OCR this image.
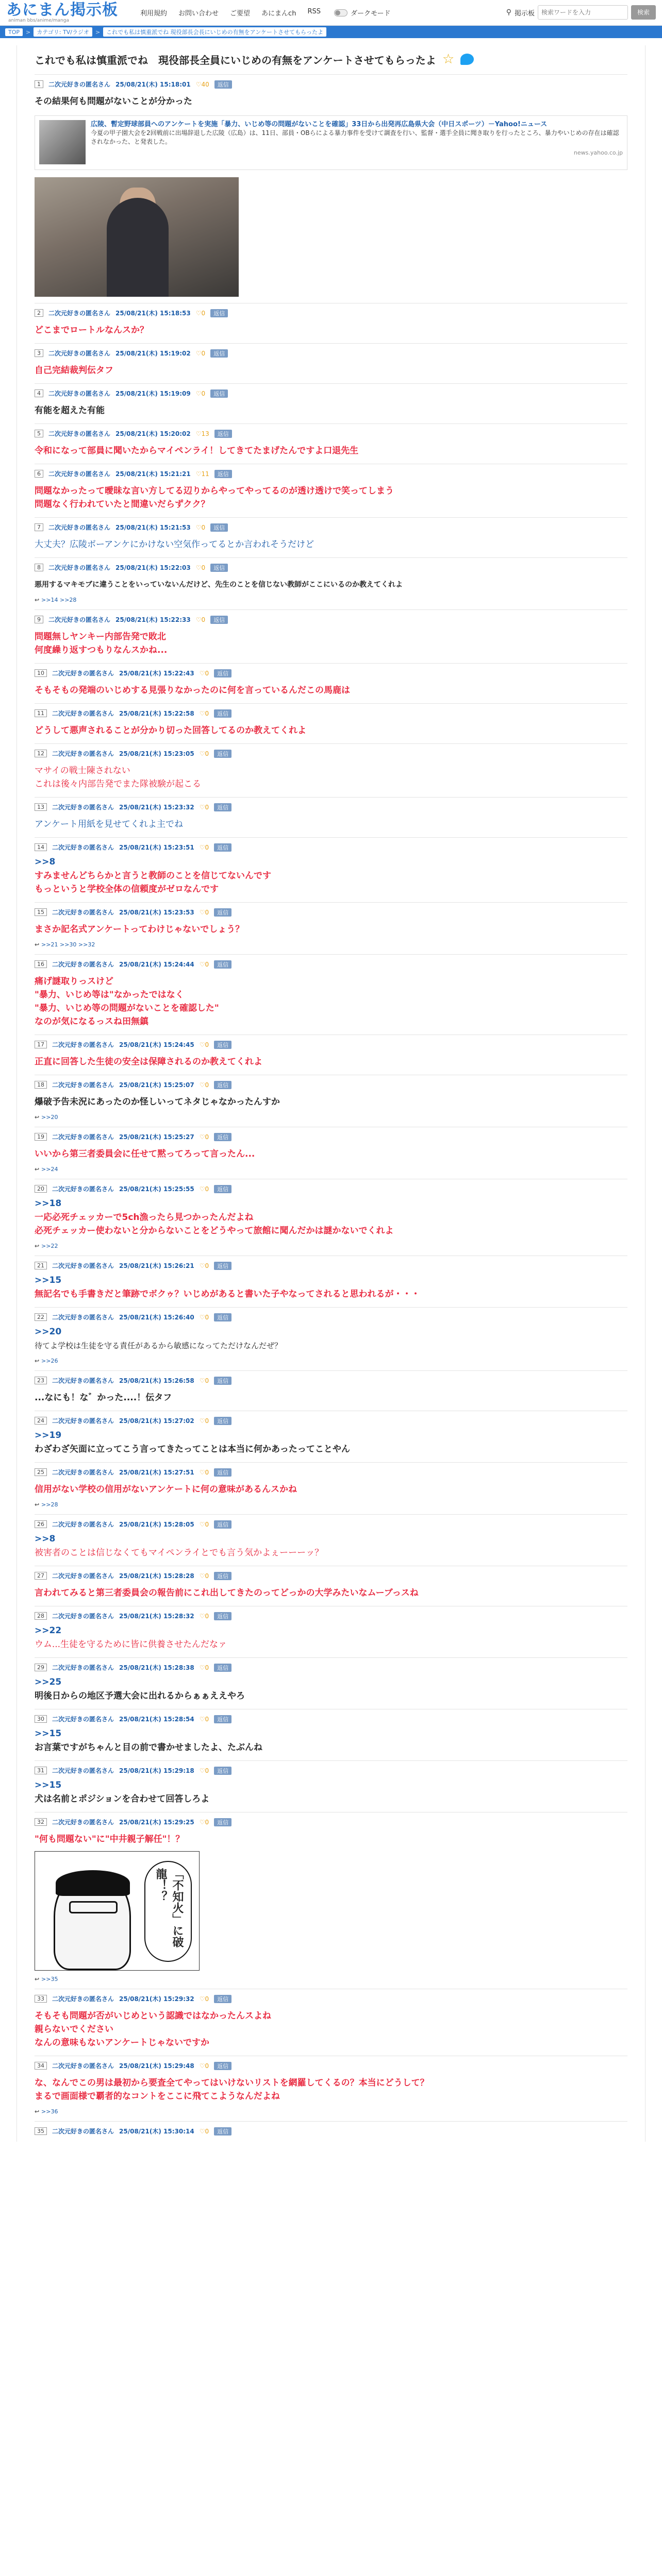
あにまん掲示板
animan bbs/anime/manga
利用規約 お問い合わせ ご要望 あにまんch RSS	ダークモード	⚲ 掲示板
検索ワードを入力	検索
TOP	>	カテゴリ: TV/ラジオ	>	これでも私は慎重派でね 現役部長会長にいじめの有無をアンケートさせてもらったよ
これでも私は慎重派でね　現役部長全員にいじめの有無をアンケートさせてもらったよ ☆
1	二次元好きの匿名さん 25/08/21(木) 15:18:01	♡ 40	返信
その結果何も問題がないことが分かった
広陵、暫定野球部員へのアンケートを実施「暴力、いじめ等の問題がないことを確認」33日から出発再広島県大会（中日スポーツ）－Yahoo!ニュース
今夏の甲子園大会を2回戦前に出場辞退した広陵（広島）は、11日、部員・OBらによる暴力事件を受けて調査を行い、監督・選手全員に聞き取りを行ったところ、暴力やいじめの存在は確認されなかった、と発表した。
news.yahoo.co.jp
2	二次元好きの匿名さん 25/08/21(木) 15:18:53	♡ 0	返信
どこまでロートルなんスか？
3	二次元好きの匿名さん 25/08/21(木) 15:19:02	♡ 0	返信
自己完結裁判伝タフ
4	二次元好きの匿名さん 25/08/21(木) 15:19:09	♡ 0	返信
有能を超えた有能
5	二次元好きの匿名さん 25/08/21(木) 15:20:02	♡ 13	返信
令和になって部員に聞いたからマイペンライ！してきてたまげたんですよ口退先生
6	二次元好きの匿名さん 25/08/21(木) 15:21:21	♡ 11	返信
問題なかったって曖昧な言い方してる辺りからやってやってるのが透け透けで笑ってしまう
問題なく行われていたと間違いだらずクク？
7	二次元好きの匿名さん 25/08/21(木) 15:21:53	♡ 0	返信
大丈夫？広陵ボーアンケにかけない空気作ってるとか言われそうだけど
8	二次元好きの匿名さん 25/08/21(木) 15:22:03	♡ 0	返信
悪用するマキモブに違うことをいっていないんだけど、先生のことを信じない教師がここにいるのか教えてくれよ
↩ >>14 >>28
9	二次元好きの匿名さん 25/08/21(木) 15:22:33	♡ 0	返信
問題無しヤンキー内部告発で敗北
何度繰り返すつもりなんスかね...
10	二次元好きの匿名さん 25/08/21(木) 15:22:43	♡ 0	返信
そもそもの発端のいじめする見張りなかったのに何を言っているんだこの馬鹿は
11	二次元好きの匿名さん 25/08/21(木) 15:22:58	♡ 0	返信
どうして悪声されることが分かり切った回答してるのか教えてくれよ
12	二次元好きの匿名さん 25/08/21(木) 15:23:05	♡ 0	返信
マサイの戦士陳されない
これは後々内部告発でまた隊被験が起こる
13	二次元好きの匿名さん 25/08/21(木) 15:23:32	♡ 0	返信
アンケート用紙を見せてくれよ主でね
14	二次元好きの匿名さん 25/08/21(木) 15:23:51	♡ 0	返信
>>8
すみませんどちらかと言うと教師のことを信じてないんです
もっというと学校全体の信頼度がゼロなんです
15	二次元好きの匿名さん 25/08/21(木) 15:23:53	♡ 0	返信
まさか記名式アンケートってわけじゃないでしょう？
↩ >>21 >>30 >>32
16	二次元好きの匿名さん 25/08/21(木) 15:24:44	♡ 0	返信
痛げ謎取りっスけど
"暴力、いじめ等は"なかったではなく
"暴力、いじめ等の問題がないことを確認した"
なのが気になるっスね田無鎮
17	二次元好きの匿名さん 25/08/21(木) 15:24:45	♡ 0	返信
正直に回答した生徒の安全は保障されるのか教えてくれよ
18	二次元好きの匿名さん 25/08/21(木) 15:25:07	♡ 0	返信
爆破予告未況にあったのか怪しいってネタじゃなかったんすか
↩ >>20
19	二次元好きの匿名さん 25/08/21(木) 15:25:27	♡ 0	返信
いいから第三者委員会に任せて黙ってろって言ったん...
↩ >>24
20	二次元好きの匿名さん 25/08/21(木) 15:25:55	♡ 0	返信
>>18
一応必死チェッカーで5ch漁ったら見つかったんだよね
必死チェッカー使わないと分からないことをどうやって旅館に聞んだかは謎かないでくれよ
↩ >>22
21	二次元好きの匿名さん 25/08/21(木) 15:26:21	♡ 0	返信
>>15
無記名でも手書きだと筆跡でボクゥ？いじめがあると書いた子やなってされると思われるが・・・
22	二次元好きの匿名さん 25/08/21(木) 15:26:40	♡ 0	返信
>>20
待てよ学校は生徒を守る責任があるから敏感になってただけなんだぜ？
↩ >>26
23	二次元好きの匿名さん 25/08/21(木) 15:26:58	♡ 0	返信
...なにも！な゛かった....！伝タフ
24	二次元好きの匿名さん 25/08/21(木) 15:27:02	♡ 0	返信
>>19
わざわざ矢面に立ってこう言ってきたってことは本当に何かあったってことやん
25	二次元好きの匿名さん 25/08/21(木) 15:27:51	♡ 0	返信
信用がない学校の信用がないアンケートに何の意味があるんスかね
↩ >>28
26	二次元好きの匿名さん 25/08/21(木) 15:28:05	♡ 0	返信
>>8
被害者のことは信じなくてもマイペンライとでも言う気かよぇーーーッ？
27	二次元好きの匿名さん 25/08/21(木) 15:28:28	♡ 0	返信
言われてみると第三者委員会の報告前にこれ出してきたのってどっかの大学みたいなムーブっスね
28	二次元好きの匿名さん 25/08/21(木) 15:28:32	♡ 0	返信
>>22
ウム...生徒を守るために皆に供養させたんだなァ
29	二次元好きの匿名さん 25/08/21(木) 15:28:38	♡ 0	返信
>>25
明後日からの地区予選大会に出れるからぁぁええやろ
30	二次元好きの匿名さん 25/08/21(木) 15:28:54	♡ 0	返信
>>15
お言葉ですがちゃんと目の前で書かせましたよ、たぶんね
31	二次元好きの匿名さん 25/08/21(木) 15:29:18	♡ 0	返信
>>15
犬は名前とポジションを合わせて回答しろよ
32	二次元好きの匿名さん 25/08/21(木) 15:29:25	♡ 0	返信
"何も問題ない"に"中井親子解任"！？
「不知火」に破龍！？
↩ >>35
33	二次元好きの匿名さん 25/08/21(木) 15:29:32	♡ 0	返信
そもそも問題が否がいじめという認識ではなかったんスよね
親らないでください
なんの意味もないアンケートじゃないですか
34	二次元好きの匿名さん 25/08/21(木) 15:29:48	♡ 0	返信
な、なんでこの男は最初から要査全てやってはいけないリストを網羅してくるの？本当にどうして？
まるで画面様で覇者的なコントをここに飛てこようなんだよね
↩ >>36
35	二次元好きの匿名さん 25/08/21(木) 15:30:14	♡ 0	返信
